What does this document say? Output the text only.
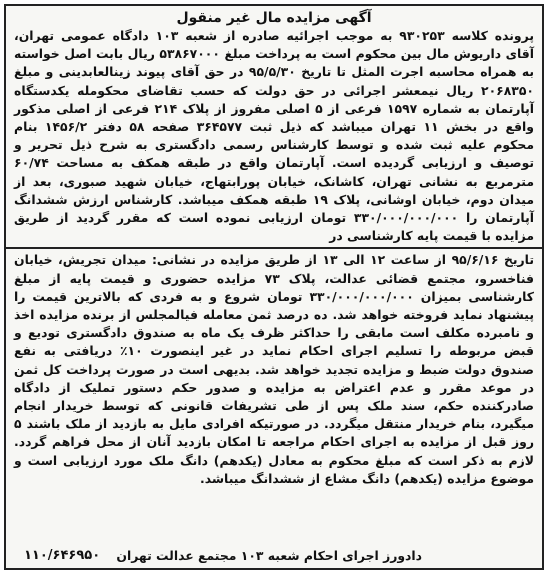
آگهی مزایده مال غیر منقول

پرونده کلاسه ۹۳۰۲۵۳ به موجب اجرائیه صادره از شعبه ۱۰۳ دادگاه عمومی تهران، آقای داریوش مال بین محکوم است به پرداخت مبلغ ۵۳۸۶۷۰۰۰ ریال بابت اصل خواسته به همراه محاسبه اجرت المثل تا تاریخ ۹۵/۵/۳۰ در حق آقای پیوند زینالعابدینی و مبلغ ۲۰۶۸۳۵۰ ریال نیمعشر اجرائی در حق دولت که حسب تقاضای محکومله یکدستگاه آپارتمان به شماره ۱۵۹۷ فرعی از ۵ اصلی مفروز از پلاک ۲۱۴ فرعی از اصلی مذکور واقع در بخش ۱۱ تهران میباشد که ذیل ثبت ۳۶۴۵۷۷ صفحه ۵۸ دفتر ۱۴۵۶/۲ بنام محکوم علیه ثبت شده و توسط کارشناس رسمی دادگستری به شرح ذیل تحریر و توصیف و ارزیابی گردیده است. آپارتمان واقع در طبقه همکف به مساحت ۶۰/۷۴ مترمربع به نشانی تهران، کاشانک، خیابان پورابتهاج، خیابان شهید صبوری، بعد از میدان دوم، خیابان اوشانی، پلاک ۱۹ طبقه همکف میباشد. کارشناس ارزش ششدانگ آپارتمان را ۳۳۰/۰۰۰/۰۰۰/۰۰۰ تومان ارزیابی نموده است که مقرر گردید از طریق مزایده با قیمت پایه کارشناسی در

تاریخ ۹۵/۶/۱۶ از ساعت ۱۲ الی ۱۳ از طریق مزایده در نشانی: میدان تجریش، خیابان فناخسرو، مجتمع قضائی عدالت، پلاک ۷۳ مزایده حضوری و قیمت پایه از مبلغ کارشناسی بمیزان ۳۳۰/۰۰۰/۰۰۰/۰۰۰ تومان شروع و به فردی که بالاترین قیمت را پیشنهاد نماید فروخته خواهد شد. ده درصد ثمن معامله فیالمجلس از برنده مزایده اخذ و نامبرده مکلف است مابقی را حداکثر ظرف یک ماه به صندوق دادگستری تودیع و قبض مربوطه را تسلیم اجرای احکام نماید در غیر اینصورت ۱۰٪ دریافتی به نفع صندوق دولت ضبط و مزایده تجدید خواهد شد. بدیهی است در صورت پرداخت کل ثمن در موعد مقرر و عدم اعتراض به مزایده و صدور حکم دستور تملیک از دادگاه صادرکننده حکم، سند ملک پس از طی تشریفات قانونی که توسط خریدار انجام میگیرد، بنام خریدار منتقل میگردد. در صورتیکه افرادی مایل به بازدید از ملک باشند ۵ روز قبل از مزایده به اجرای احکام مراجعه تا امکان بازدید آنان از محل فراهم گردد. لازم به ذکر است که مبلغ محکوم به معادل (یکدهم) دانگ ملک مورد ارزیابی است و موضوع مزایده (یکدهم) دانگ مشاع از ششدانگ میباشد.

دادورز اجرای احکام شعبه ۱۰۳ مجتمع عدالت تهران
۱۱۰/۶۴۶۹۵۰
